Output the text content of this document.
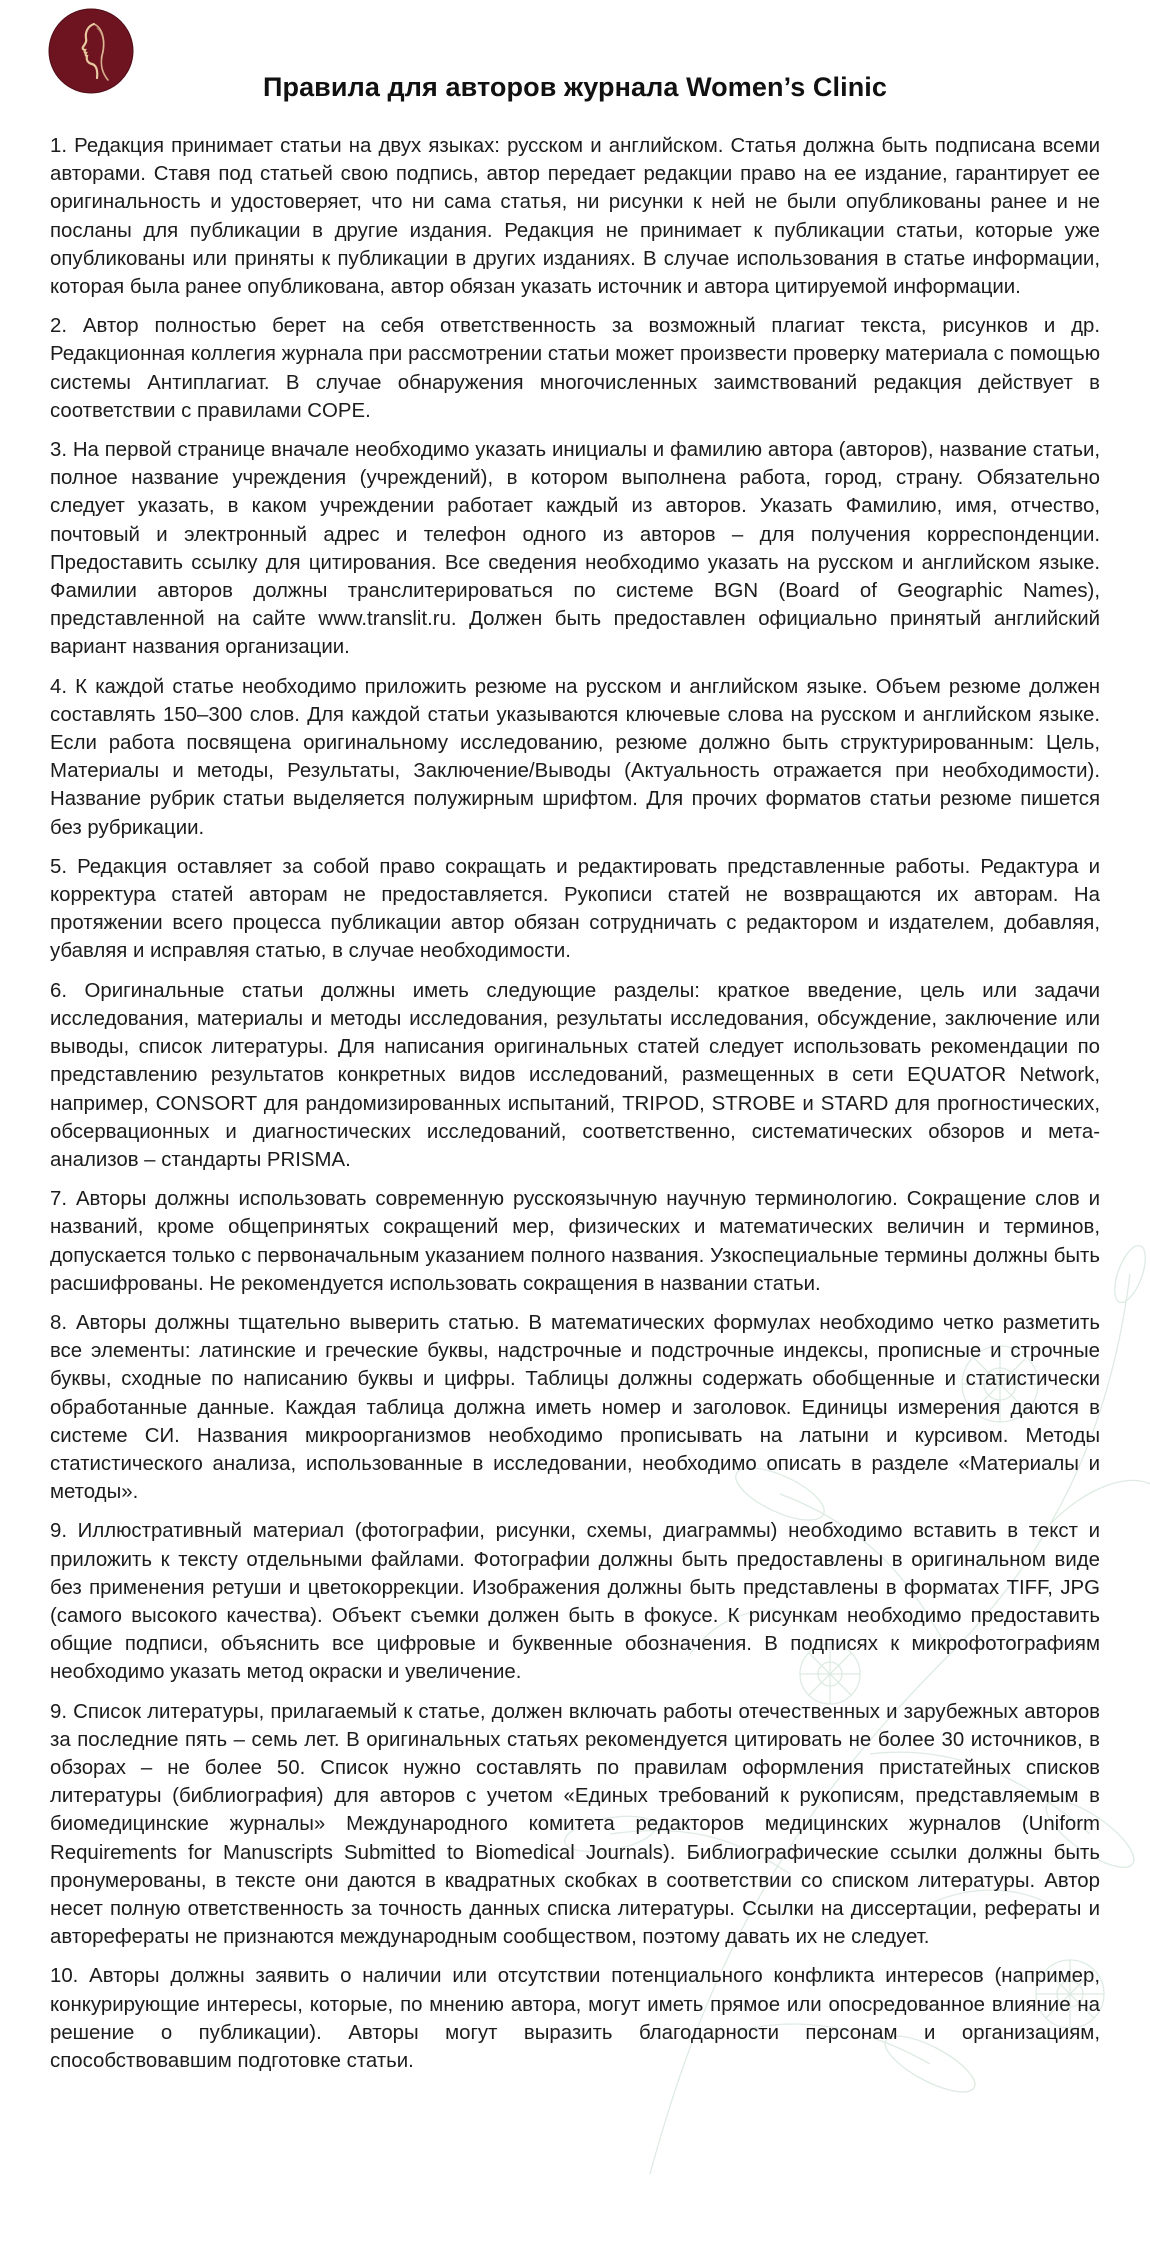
Правила для авторов журнала Women’s Clinic

1. Редакция принимает статьи на двух языках: русском и английском. Статья должна быть подписана всеми авторами. Ставя под статьей свою подпись, автор передает редакции право на ее издание, гарантирует ее оригинальность и удостоверяет, что ни сама статья, ни рисунки к ней не были опубликованы ранее и не посланы для публикации в другие издания. Редакция не принимает к публикации статьи, которые уже опубликованы или приняты к публикации в других изданиях. В случае использования в статье информации, которая была ранее опубликована, автор обязан указать источник и автора цитируемой информации.

2. Автор полностью берет на себя ответственность за возможный плагиат текста, рисунков и др. Редакционная коллегия журнала при рассмотрении статьи может произвести проверку материала с помощью системы Антиплагиат. В случае обнаружения многочисленных заимствований редакция действует в соответствии с правилами COPE.

3. На первой странице вначале необходимо указать инициалы и фамилию автора (авторов), название статьи, полное название учреждения (учреждений), в котором выполнена работа, город, страну. Обязательно следует указать, в каком учреждении работает каждый из авторов. Указать Фамилию, имя, отчество, почтовый и электронный адрес и телефон одного из авторов – для получения корреспонденции. Предоставить ссылку для цитирования. Все сведения необходимо указать на русском и английском языке. Фамилии авторов должны транслитерироваться по системе BGN (Board of Geographic Names), представленной на сайте www.translit.ru. Должен быть предоставлен официально принятый английский вариант названия организации.

4. К каждой статье необходимо приложить резюме на русском и английском языке. Объем резюме должен составлять 150–300 слов. Для каждой статьи указываются ключевые слова на русском и английском языке. Если работа посвящена оригинальному исследованию, резюме должно быть структурированным: Цель, Материалы и методы, Результаты, Заключение/Выводы (Актуальность отражается при необходимости). Название рубрик статьи выделяется полужирным шрифтом. Для прочих форматов статьи резюме пишется без рубрикации.

5. Редакция оставляет за собой право сокращать и редактировать представленные работы. Редактура и корректура статей авторам не предоставляется. Рукописи статей не возвращаются их авторам. На протяжении всего процесса публикации автор обязан сотрудничать с редактором и издателем, добавляя, убавляя и исправляя статью, в случае необходимости.

6. Оригинальные статьи должны иметь следующие разделы: краткое введение, цель или задачи исследования, материалы и методы исследования, результаты исследования, обсуждение, заключение или выводы, список литературы. Для написания оригинальных статей следует использовать рекомендации по представлению результатов конкретных видов исследований, размещенных в сети EQUATOR Network, например, CONSORT для рандомизированных испытаний, TRIPOD, STROBE и STARD для прогностических, обсервационных и диагностических исследований, соответственно, систематических обзоров и мета-анализов – стандарты PRISMA.

7. Авторы должны использовать современную русскоязычную научную терминологию. Сокращение слов и названий, кроме общепринятых сокращений мер, физических и математических величин и терминов, допускается только с первоначальным указанием полного названия. Узкоспециальные термины должны быть расшифрованы. Не рекомендуется использовать сокращения в названии статьи.

8. Авторы должны тщательно выверить статью. В математических формулах необходимо четко разметить все элементы: латинские и греческие буквы, надстрочные и подстрочные индексы, прописные и строчные буквы, сходные по написанию буквы и цифры. Таблицы должны содержать обобщенные и статистически обработанные данные. Каждая таблица должна иметь номер и заголовок. Единицы измерения даются в системе СИ. Названия микроорганизмов необходимо прописывать на латыни и курсивом. Методы статистического анализа, использованные в исследовании, необходимо описать в разделе «Материалы и методы».

9. Иллюстративный материал (фотографии, рисунки, схемы, диаграммы) необходимо вставить в текст и приложить к тексту отдельными файлами. Фотографии должны быть предоставлены в оригинальном виде без применения ретуши и цветокоррекции. Изображения должны быть представлены в форматах TIFF, JPG (самого высокого качества). Объект съемки должен быть в фокусе. К рисункам необходимо предоставить общие подписи, объяснить все цифровые и буквенные обозначения. В подписях к микрофотографиям необходимо указать метод окраски и увеличение.

9. Список литературы, прилагаемый к статье, должен включать работы отечественных и зарубежных авторов за последние пять – семь лет. В оригинальных статьях рекомендуется цитировать не более 30 источников, в обзорах – не более 50. Список нужно составлять по правилам оформления пристатейных списков литературы (библиография) для авторов с учетом «Единых требований к рукописям, представляемым в биомедицинские журналы» Международного комитета редакторов медицинских журналов (Uniform Requirements for Manuscripts Submitted to Biomedical Journals). Библиографические ссылки должны быть пронумерованы, в тексте они даются в квадратных скобках в соответствии со списком литературы. Автор несет полную ответственность за точность данных списка литературы. Ссылки на диссертации, рефераты и авторефераты не признаются международным сообществом, поэтому давать их не следует.

10. Авторы должны заявить о наличии или отсутствии потенциального конфликта интересов (например, конкурирующие интересы, которые, по мнению автора, могут иметь прямое или опосредованное влияние на решение о публикации). Авторы могут выразить благодарности персонам и организациям, способствовавшим подготовке статьи.
